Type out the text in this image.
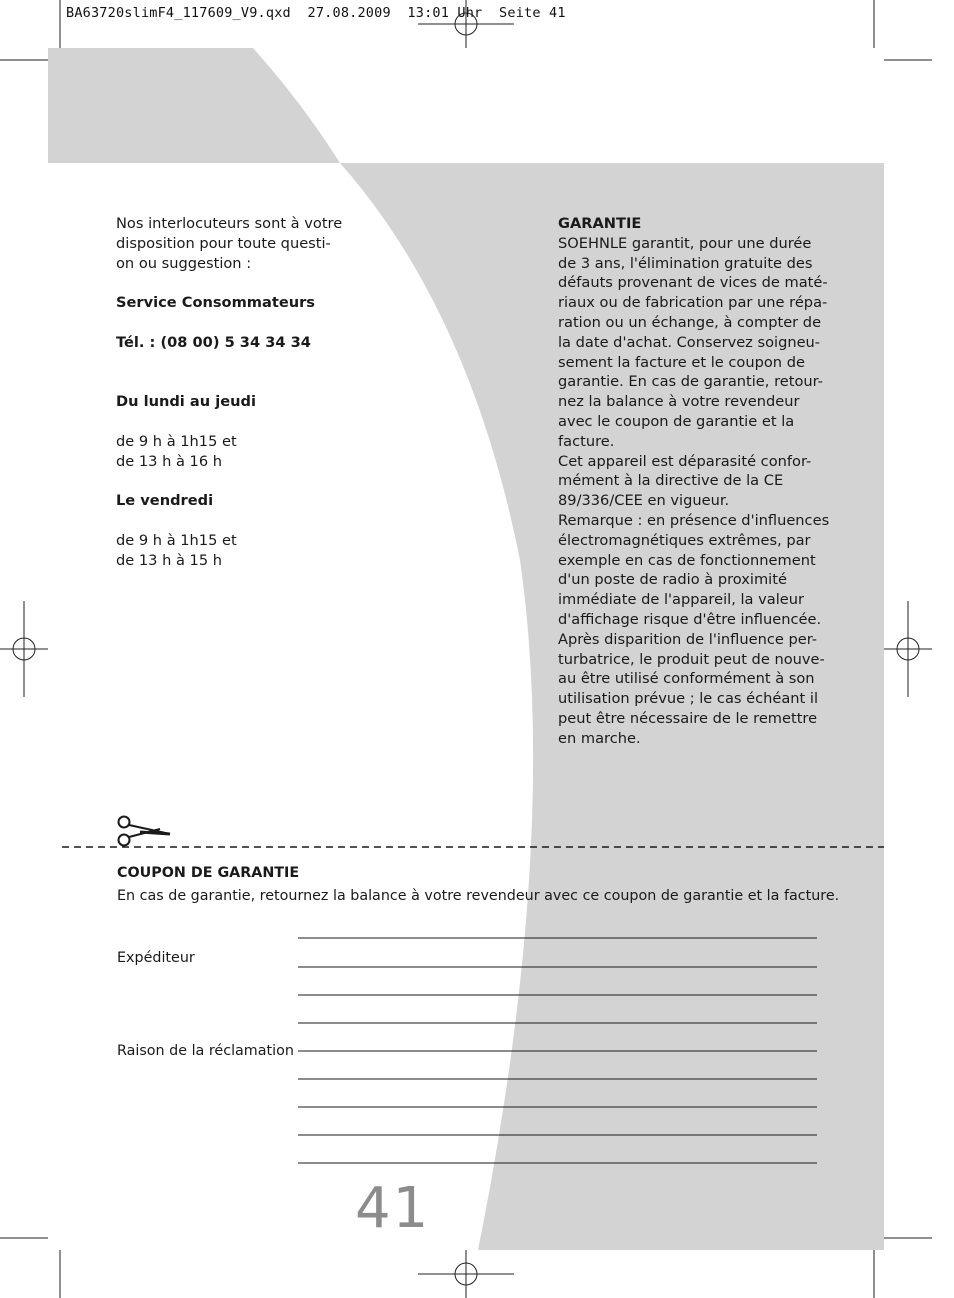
BA63720slimF4_117609_V9.qxd  27.08.2009  13:01 Uhr  Seite 41

Nos interlocuteurs sont à votre

disposition pour toute questi-

on ou suggestion :

Service Consommateurs

Tél. : (08 00) 5 34 34 34

Du lundi au jeudi

de 9 h à 1h15 et

de 13 h à 16 h

Le vendredi

de 9 h à 1h15 et

de 13 h à 15 h

GARANTIE

SOEHNLE garantit, pour une durée

de 3 ans, l'élimination gratuite des

défauts provenant de vices de maté-

riaux ou de fabrication par une répa-

ration ou un échange, à compter de

la date d'achat. Conservez soigneu-

sement la facture et le coupon de

garantie. En cas de garantie, retour-

nez la balance à votre revendeur

avec le coupon de garantie et la

facture.

Cet appareil est déparasité confor-

mément à la directive de la CE

89/336/CEE en vigueur.

Remarque : en présence d'influences

électromagnétiques extrêmes, par

exemple en cas de fonctionnement

d'un poste de radio à proximité

immédiate de l'appareil, la valeur

d'affichage risque d'être influencée.

Après disparition de l'influence per-

turbatrice, le produit peut de nouve-

au être utilisé conformément à son

utilisation prévue ; le cas échéant il

peut être nécessaire de le remettre

en marche.

COUPON DE GARANTIE
En cas de garantie, retournez la balance à votre revendeur avec ce coupon de garantie et la facture.
Expéditeur
Raison de la réclamation
41
